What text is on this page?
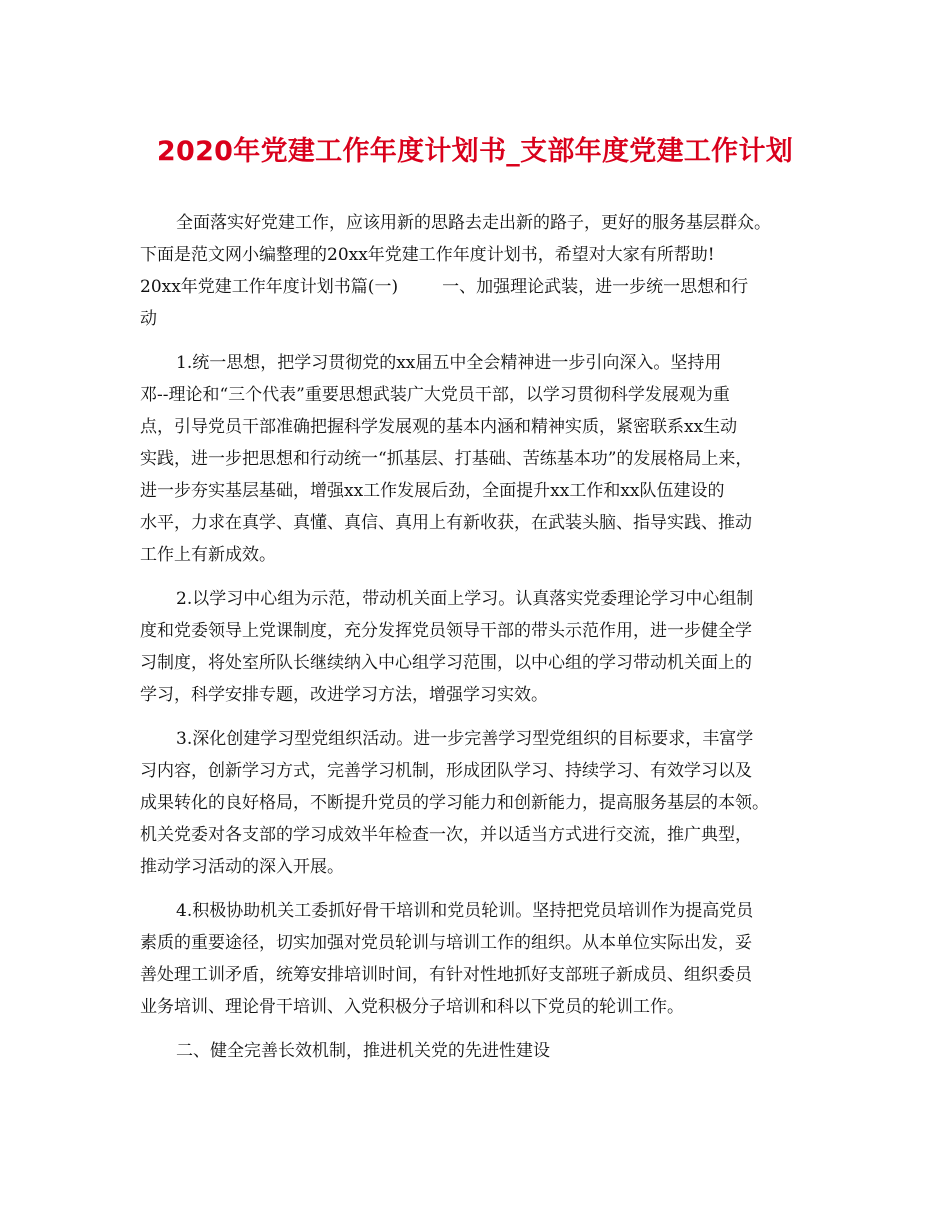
2020年党建工作年度计划书_支部年度党建工作计划
全面落实好党建工作，应该用新的思路去走出新的路子，更好的服务基层群众。
下面是范文网小编整理的20xx年党建工作年度计划书，希望对大家有所帮助!
20xx年党建工作年度计划书篇(一)	一、加强理论武装，进一步统一思想和行
动
1.统一思想，把学习贯彻党的xx届五中全会精神进一步引向深入。坚持用
邓--理论和“三个代表”重要思想武装广大党员干部，以学习贯彻科学发展观为重
点，引导党员干部准确把握科学发展观的基本内涵和精神实质，紧密联系xx生动
实践，进一步把思想和行动统一“抓基层、打基础、苦练基本功”的发展格局上来，
进一步夯实基层基础，增强xx工作发展后劲，全面提升xx工作和xx队伍建设的
水平，力求在真学、真懂、真信、真用上有新收获，在武装头脑、指导实践、推动
工作上有新成效。
2.以学习中心组为示范，带动机关面上学习。认真落实党委理论学习中心组制
度和党委领导上党课制度，充分发挥党员领导干部的带头示范作用，进一步健全学
习制度，将处室所队长继续纳入中心组学习范围，以中心组的学习带动机关面上的
学习，科学安排专题，改进学习方法，增强学习实效。
3.深化创建学习型党组织活动。进一步完善学习型党组织的目标要求，丰富学
习内容，创新学习方式，完善学习机制，形成团队学习、持续学习、有效学习以及
成果转化的良好格局，不断提升党员的学习能力和创新能力，提高服务基层的本领。
机关党委对各支部的学习成效半年检查一次，并以适当方式进行交流，推广典型，
推动学习活动的深入开展。
4.积极协助机关工委抓好骨干培训和党员轮训。坚持把党员培训作为提高党员
素质的重要途径，切实加强对党员轮训与培训工作的组织。从本单位实际出发，妥
善处理工训矛盾，统筹安排培训时间，有针对性地抓好支部班子新成员、组织委员
业务培训、理论骨干培训、入党积极分子培训和科以下党员的轮训工作。
二、健全完善长效机制，推进机关党的先进性建设
